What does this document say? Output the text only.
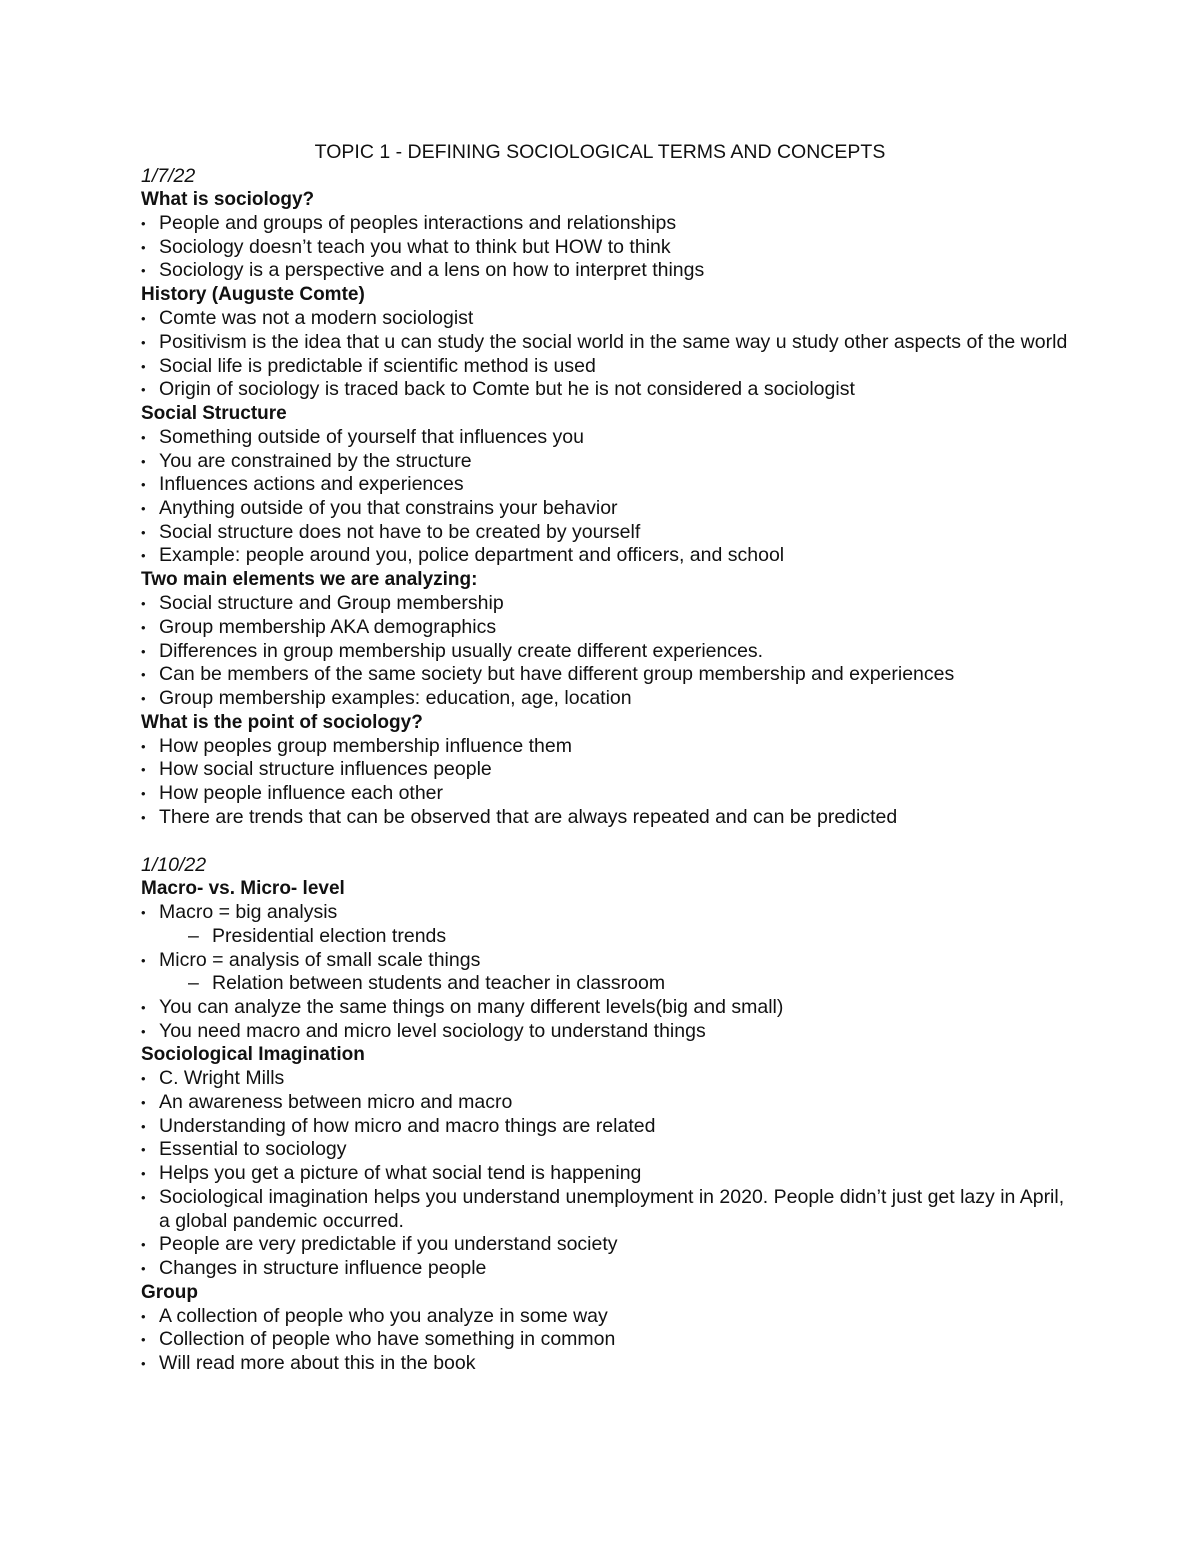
TOPIC 1 - DEFINING SOCIOLOGICAL TERMS AND CONCEPTS
1/7/22
What is sociology?
• People and groups of peoples interactions and relationships
• Sociology doesn’t teach you what to think but HOW to think
• Sociology is a perspective and a lens on how to interpret things
History (Auguste Comte)
• Comte was not a modern sociologist
• Positivism is the idea that u can study the social world in the same way u study other aspects of the world
• Social life is predictable if scientific method is used
• Origin of sociology is traced back to Comte but he is not considered a sociologist
Social Structure
• Something outside of yourself that influences you
• You are constrained by the structure
• Influences actions and experiences
• Anything outside of you that constrains your behavior
• Social structure does not have to be created by yourself
• Example: people around you, police department and officers, and school
Two main elements we are analyzing:
• Social structure and Group membership
• Group membership AKA demographics
• Differences in group membership usually create different experiences.
• Can be members of the same society but have different group membership and experiences
• Group membership examples: education, age, location
What is the point of sociology?
• How peoples group membership influence them
• How social structure influences people
• How people influence each other
• There are trends that can be observed that are always repeated and can be predicted
1/10/22
Macro- vs. Micro- level
• Macro = big analysis
– Presidential election trends
• Micro = analysis of small scale things
– Relation between students and teacher in classroom
• You can analyze the same things on many different levels(big and small)
• You need macro and micro level sociology to understand things
Sociological Imagination
• C. Wright Mills
• An awareness between micro and macro
• Understanding of how micro and macro things are related
• Essential to sociology
• Helps you get a picture of what social tend is happening
• Sociological imagination helps you understand unemployment in 2020. People didn’t just get lazy in April, a global pandemic occurred.
• People are very predictable if you understand society
• Changes in structure influence people
Group
• A collection of people who you analyze in some way
• Collection of people who have something in common
• Will read more about this in the book
